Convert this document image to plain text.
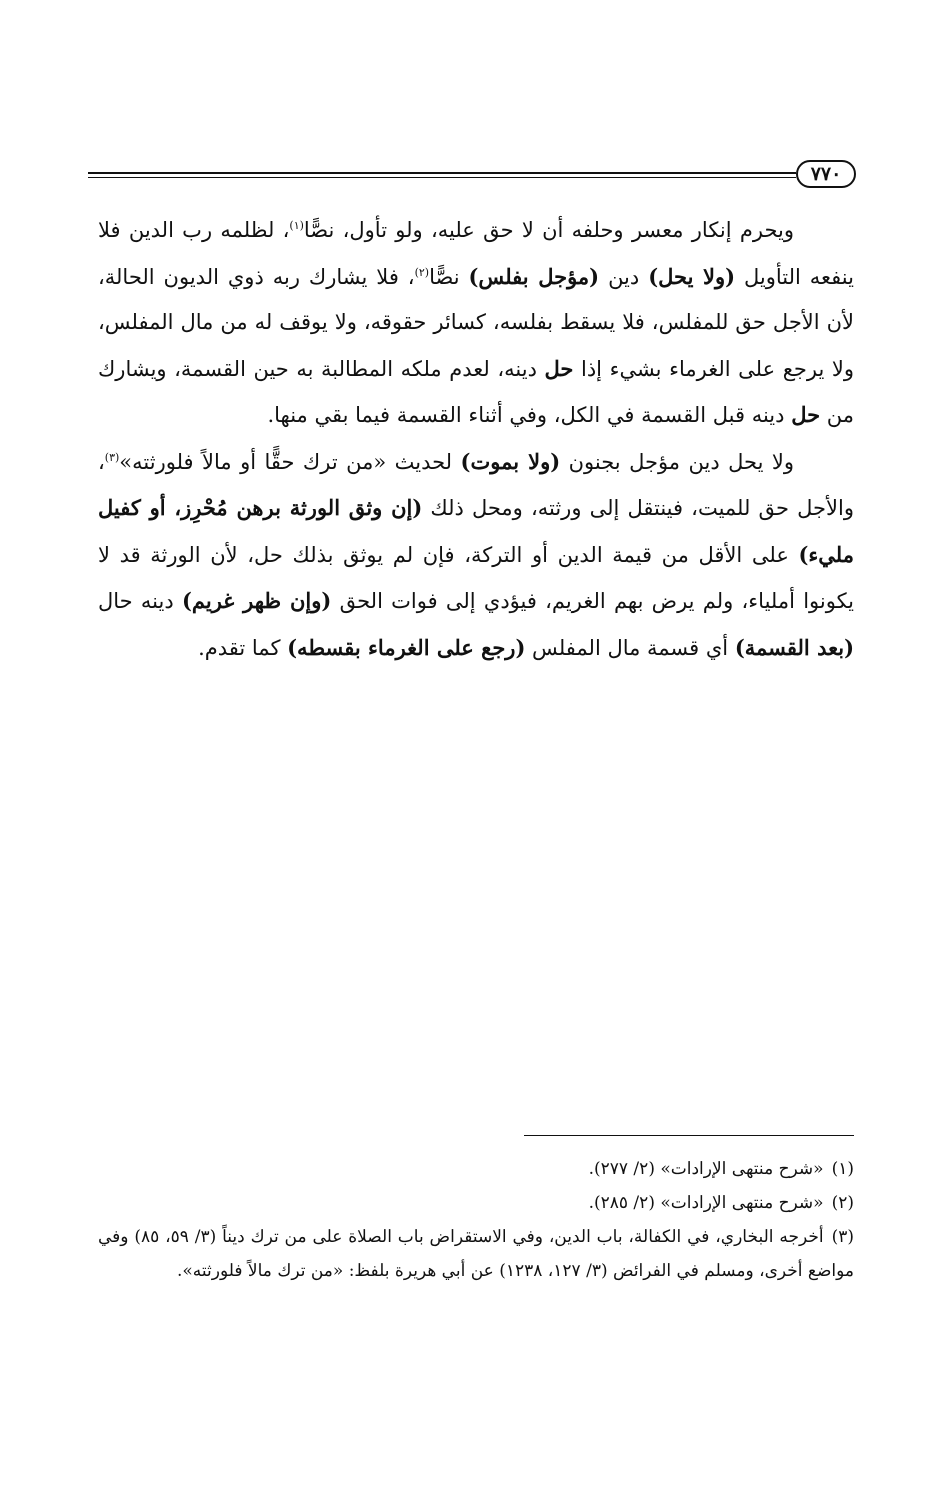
٧٧٠

ويحرم إنكار معسر وحلفه أن لا حق عليه، ولو تأول، نصًّا$^{(١)}$، لظلمه رب الدين فلا ينفعه التأويل (ولا يحل) دين (مؤجل بفلس) نصًّا$^{(٢)}$، فلا يشارك ربه ذوي الديون الحالة، لأن الأجل حق للمفلس، فلا يسقط بفلسه، كسائر حقوقه، ولا يوقف له من مال المفلس، ولا يرجع على الغرماء بشيء إذا حل دينه، لعدم ملكه المطالبة به حين القسمة، ويشارك من حل دينه قبل القسمة في الكل، وفي أثناء القسمة فيما بقي منها.

ولا يحل دين مؤجل بجنون (ولا بموت) لحديث «من ترك حقًّا أو مالاً فلورثته»$^{(٣)}$، والأجل حق للميت، فينتقل إلى ورثته، ومحل ذلك (إن وثق الورثة برهن مُحْرِز، أو كفيل مليء) على الأقل من قيمة الدين أو التركة، فإن لم يوثق بذلك حل، لأن الورثة قد لا يكونوا أملياء، ولم يرض بهم الغريم، فيؤدي إلى فوات الحق (وإن ظهر غريم) دينه حال (بعد القسمة) أي قسمة مال المفلس (رجع على الغرماء بقسطه) كما تقدم.

(١)«شرح منتهى الإرادات» (٢/ ٢٧٧).

(٢)«شرح منتهى الإرادات» (٢/ ٢٨٥).

(٣)أخرجه البخاري، في الكفالة، باب الدين، وفي الاستقراض باب الصلاة على من ترك ديناً (٣/ ٥٩، ٨٥) وفي مواضع أخرى، ومسلم في الفرائض (٣/ ١٢٧، ١٢٣٨) عن أبي هريرة بلفظ: «من ترك مالاً فلورثته».
